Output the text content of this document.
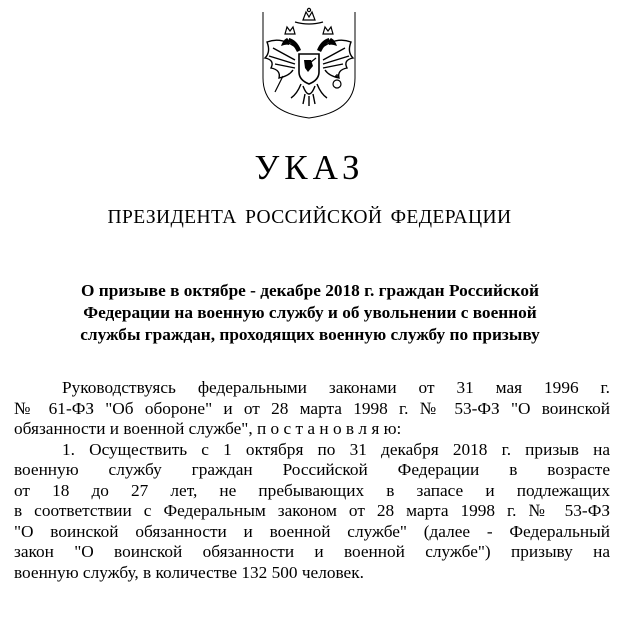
УКАЗ
ПРЕЗИДЕНТА РОССИЙСКОЙ ФЕДЕРАЦИИ
О призыве в октябре - декабре 2018 г. граждан Российской
Федерации на военную службу и об увольнении с военной
службы граждан, проходящих военную службу по призыву
Руководствуясь федеральными законами от 31 мая 1996 г.
№ 61-ФЗ "Об обороне" и от 28 марта 1998 г. № 53-ФЗ "О воинской
обязанности и военной службе", п о с т а н о в л я ю:
1. Осуществить с 1 октября по 31 декабря 2018 г. призыв на
военную службу граждан Российской Федерации в возрасте
от 18 до 27 лет, не пребывающих в запасе и подлежащих
в соответствии с Федеральным законом от 28 марта 1998 г. № 53-ФЗ
"О воинской обязанности и военной службе" (далее - Федеральный
закон "О воинской обязанности и военной службе") призыву на
военную службу, в количестве 132 500 человек.
